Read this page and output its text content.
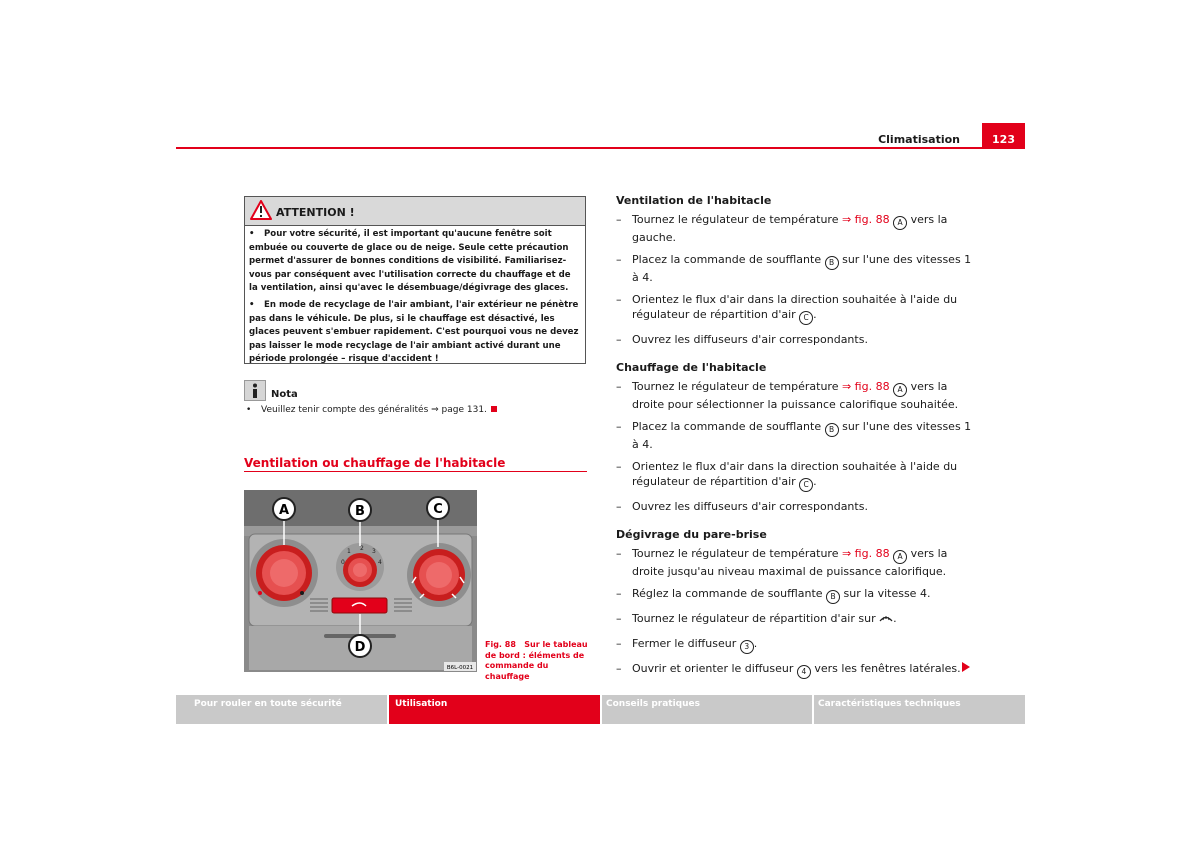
Climatisation	123
ATTENTION !

• Pour votre sécurité, il est important qu'aucune fenêtre soit embuée ou couverte de glace ou de neige. Seule cette précaution permet d'assurer de bonnes conditions de visibilité. Familiarisez-vous par conséquent avec l'utilisation correcte du chauffage et de la ventilation, ainsi qu'avec le désembuage/dégivrage des glaces.

• En mode de recyclage de l'air ambiant, l'air extérieur ne pénètre pas dans le véhicule. De plus, si le chauffage est désactivé, les glaces peuvent s'embuer rapidement. C'est pourquoi vous ne devez pas laisser le mode recyclage de l'air ambiant activé durant une période prolongée – risque d'accident !

Nota
• Veuillez tenir compte des généralités ⇒ page 131.
Ventilation ou chauffage de l'habitacle
0
1 2 3
4
A	B	C
D
B6L-0021
Fig. 88 Sur le tableau de bord : éléments de commande du chauffage
Ventilation de l'habitacle
– Tournez le régulateur de température ⇒ fig. 88 A vers la gauche.
– Placez la commande de soufflante B sur l'une des vitesses 1 à 4.
– Orientez le flux d'air dans la direction souhaitée à l'aide du régulateur de répartition d'air C .
– Ouvrez les diffuseurs d'air correspondants.
Chauffage de l'habitacle
– Tournez le régulateur de température ⇒ fig. 88 A vers la droite pour sélectionner la puissance calorifique souhaitée.
– Placez la commande de soufflante B sur l'une des vitesses 1 à 4.
– Orientez le flux d'air dans la direction souhaitée à l'aide du régulateur de répartition d'air C .
– Ouvrez les diffuseurs d'air correspondants.
Dégivrage du pare-brise
– Tournez le régulateur de température ⇒ fig. 88 A vers la droite jusqu'au niveau maximal de puissance calorifique.
– Réglez la commande de soufflante B sur la vitesse 4.
– Tournez le régulateur de répartition d'air sur .
– Fermer le diffuseur 3 .
– Ouvrir et orienter le diffuseur 4 vers les fenêtres latérales.
Pour rouler en toute sécurité	Utilisation	Conseils pratiques	Caractéristiques techniques
